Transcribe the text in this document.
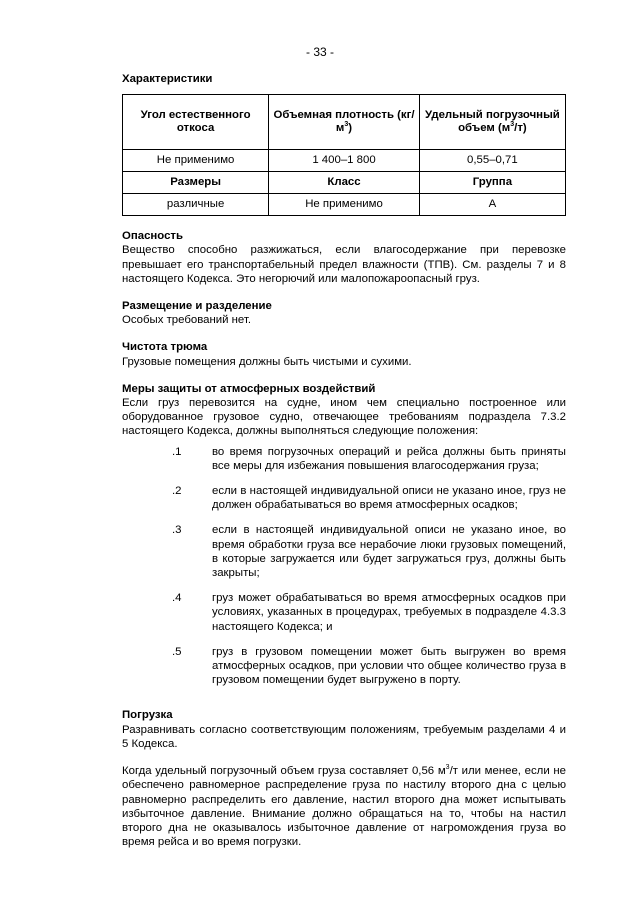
- 33 -
Характеристики
Угол естественного откоса	Объемная плотность $(кг/м^3)$	Удельный погрузочный объем $(м^3/т)$
Не применимо	1 400–1 800	0,55–0,71
Размеры	Класс	Группа
различные	Не применимо	А
Опасность

Вещество способно разжижаться, если влагосодержание при перевозке превышает его транспортабельный предел влажности (ТПВ). См. разделы 7 и 8 настоящего Кодекса. Это негорючий или малопожароопасный груз.

Размещение и разделение

Особых требований нет.

Чистота трюма

Грузовые помещения должны быть чистыми и сухими.

Меры защиты от атмосферных воздействий

Если груз перевозится на судне, ином чем специально построенное или оборудованное грузовое судно, отвечающее требованиям подраздела 7.3.2 настоящего Кодекса, должны выполняться следующие положения:

.1	во время погрузочных операций и рейса должны быть приняты все меры для избежания повышения влагосодержания груза;
.2	если в настоящей индивидуальной описи не указано иное, груз не должен обрабатываться во время атмосферных осадков;
.3	если в настоящей индивидуальной описи не указано иное, во время обработки груза все нерабочие люки грузовых помещений, в которые загружается или будет загружаться груз, должны быть закрыты;
.4	груз может обрабатываться во время атмосферных осадков при условиях, указанных в процедурах, требуемых в подразделе 4.3.3 настоящего Кодекса; и
.5	груз в грузовом помещении может быть выгружен во время атмосферных осадков, при условии что общее количество груза в грузовом помещении будет выгружено в порту.
Погрузка

Разравнивать согласно соответствующим положениям, требуемым разделами 4 и 5 Кодекса.

Когда удельный погрузочный объем груза составляет 0,56 $м^3/т$ или менее, если не обеспечено равномерное распределение груза по настилу второго дна с целью равномерно распределить его давление, настил второго дна может испытывать избыточное давление. Внимание должно обращаться на то, чтобы на настил второго дна не оказывалось избыточное давление от нагромождения груза во время рейса и во время погрузки.
